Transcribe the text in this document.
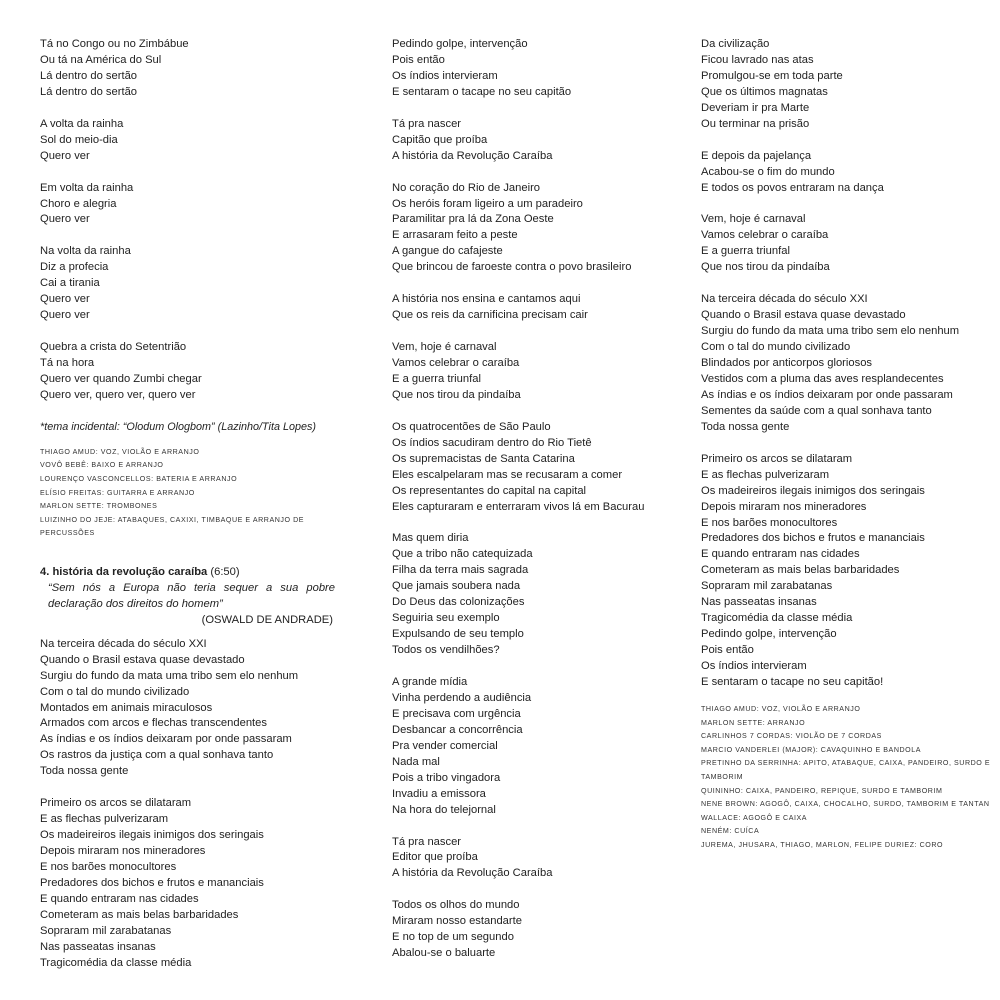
Tá no Congo ou no Zimbábue
Ou tá na América do Sul
Lá dentro do sertão
Lá dentro do sertão
A volta da rainha
Sol do meio-dia
Quero ver
Em volta da rainha
Choro e alegria
Quero ver
Na volta da rainha
Diz a profecia
Cai a tirania
Quero ver
Quero ver
Quebra a crista do Setentrião
Tá na hora
Quero ver quando Zumbi chegar
Quero ver, quero ver, quero ver
*tema incidental: “Olodum Ologbom” (Lazinho/Tita Lopes)
THIAGO AMUD: VOZ, VIOLÃO E ARRANJO
VOVÔ BEBÊ: BAIXO E ARRANJO
LOURENÇO VASCONCELLOS: BATERIA E ARRANJO
ELÍSIO FREITAS: GUITARRA E ARRANJO
MARLON SETTE: TROMBONES
LUIZINHO DO JEJE: ATABAQUES, CAXIXI, TIMBAQUE E ARRANJO DE PERCUSSÕES
4. história da revolução caraíba (6:50)
“Sem nós a Europa não teria sequer a sua pobre declaração dos direitos do homem”
(OSWALD DE ANDRADE)
Na terceira década do século XXI
Quando o Brasil estava quase devastado
Surgiu do fundo da mata uma tribo sem elo nenhum
Com o tal do mundo civilizado
Montados em animais miraculosos
Armados com arcos e flechas transcendentes
As índias e os índios deixaram por onde passaram
Os rastros da justiça com a qual sonhava tanto
Toda nossa gente
Primeiro os arcos se dilataram
E as flechas pulverizaram
Os madeireiros ilegais inimigos dos seringais
Depois miraram nos mineradores
E nos barões monocultores
Predadores dos bichos e frutos e mananciais
E quando entraram nas cidades
Cometeram as mais belas barbaridades
Sopraram mil zarabatanas
Nas passeatas insanas
Tragicomédia da classe média
Pedindo golpe, intervenção
Pois então
Os índios intervieram
E sentaram o tacape no seu capitão
Tá pra nascer
Capitão que proíba
A história da Revolução Caraíba
No coração do Rio de Janeiro
Os heróis foram ligeiro a um paradeiro
Paramilitar pra lá da Zona Oeste
E arrasaram feito a peste
A gangue do cafajeste
Que brincou de faroeste contra o povo brasileiro
A história nos ensina e cantamos aqui
Que os reis da carnificina precisam cair
Vem, hoje é carnaval
Vamos celebrar o caraíba
E a guerra triunfal
Que nos tirou da pindaíba
Os quatrocentões de São Paulo
Os índios sacudiram dentro do Rio Tietê
Os supremacistas de Santa Catarina
Eles escalpelaram mas se recusaram a comer
Os representantes do capital na capital
Eles capturaram e enterraram vivos lá em Bacurau
Mas quem diria
Que a tribo não catequizada
Filha da terra mais sagrada
Que jamais soubera nada
Do Deus das colonizações
Seguiria seu exemplo
Expulsando de seu templo
Todos os vendilhões?
A grande mídia
Vinha perdendo a audiência
E precisava com urgência
Desbancar a concorrência
Pra vender comercial
Nada mal
Pois a tribo vingadora
Invadiu a emissora
Na hora do telejornal
Tá pra nascer
Editor que proíba
A história da Revolução Caraíba
Todos os olhos do mundo
Miraram nosso estandarte
E no top de um segundo
Abalou-se o baluarte
Da civilização
Ficou lavrado nas atas
Promulgou-se em toda parte
Que os últimos magnatas
Deveriam ir pra Marte
Ou terminar na prisão
E depois da pajelança
Acabou-se o fim do mundo
E todos os povos entraram na dança
Vem, hoje é carnaval
Vamos celebrar o caraíba
E a guerra triunfal
Que nos tirou da pindaíba
Na terceira década do século XXI
Quando o Brasil estava quase devastado
Surgiu do fundo da mata uma tribo sem elo nenhum
Com o tal do mundo civilizado
Blindados por anticorpos gloriosos
Vestidos com a pluma das aves resplandecentes
As índias e os índios deixaram por onde passaram
Sementes da saúde com a qual sonhava tanto
Toda nossa gente
Primeiro os arcos se dilataram
E as flechas pulverizaram
Os madeireiros ilegais inimigos dos seringais
Depois miraram nos mineradores
E nos barões monocultores
Predadores dos bichos e frutos e mananciais
E quando entraram nas cidades
Cometeram as mais belas barbaridades
Sopraram mil zarabatanas
Nas passeatas insanas
Tragicomédia da classe média
Pedindo golpe, intervenção
Pois então
Os índios intervieram
E sentaram o tacape no seu capitão!
THIAGO AMUD: VOZ, VIOLÃO E ARRANJO
MARLON SETTE: ARRANJO
CARLINHOS 7 CORDAS: VIOLÃO DE 7 CORDAS
MARCIO VANDERLEI (MAJOR): CAVAQUINHO E BANDOLA
PRETINHO DA SERRINHA: APITO, ATABAQUE, CAIXA, PANDEIRO, SURDO E TAMBORIM
QUININHO: CAIXA, PANDEIRO, REPIQUE, SURDO E TAMBORIM
NENE BROWN: AGOGÔ, CAIXA, CHOCALHO, SURDO, TAMBORIM E TANTAN
WALLACE: AGOGÔ E CAIXA
NENÉM: CUÍCA
JUREMA, JHUSARA, THIAGO, MARLON, FELIPE DURIEZ: CORO
